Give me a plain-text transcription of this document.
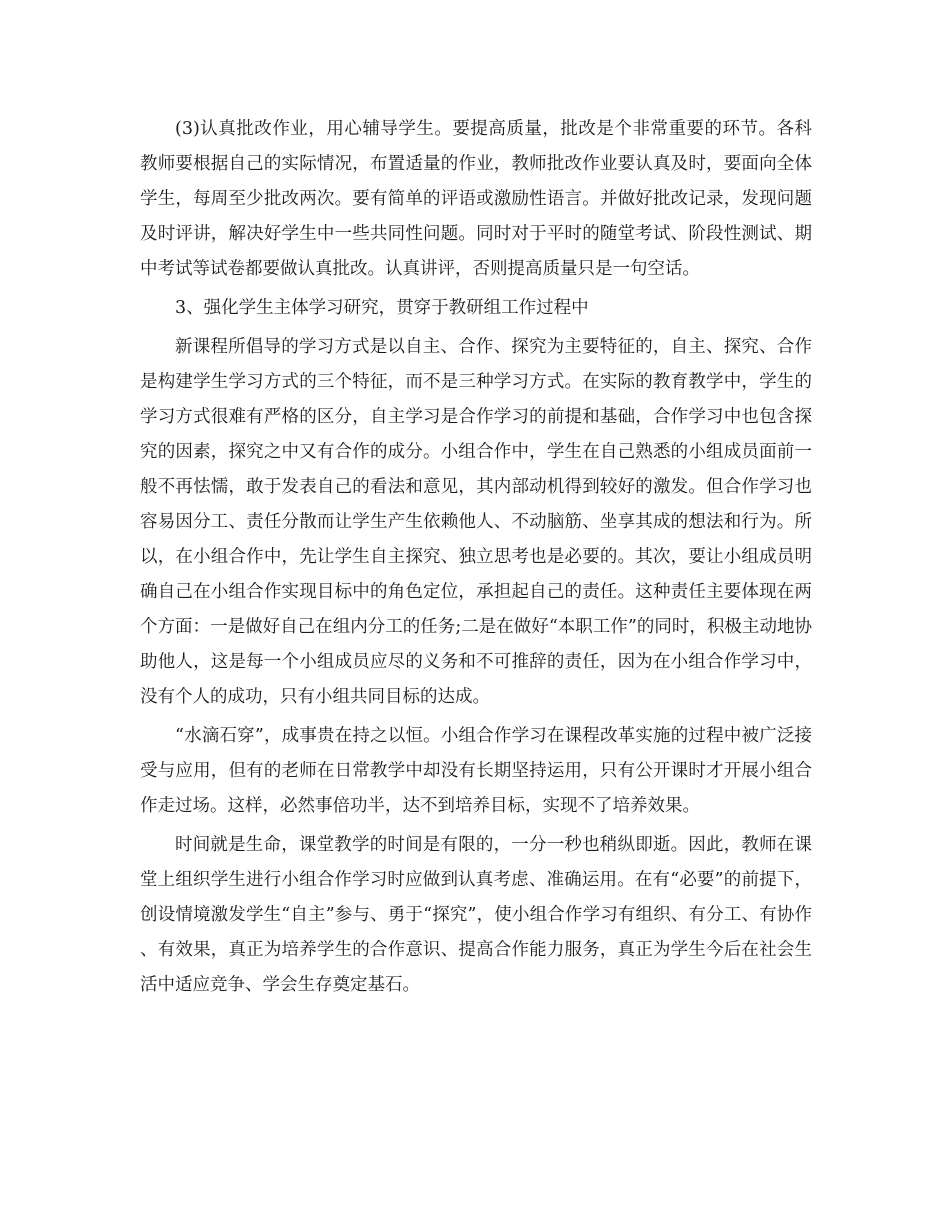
(3)认真批改作业，用心辅导学生。要提高质量，批改是个非常重要的环节。各科教师要根据自己的实际情况，布置适量的作业，教师批改作业要认真及时，要面向全体学生，每周至少批改两次。要有简单的评语或激励性语言。并做好批改记录，发现问题及时评讲，解决好学生中一些共同性问题。同时对于平时的随堂考试、阶段性测试、期中考试等试卷都要做认真批改。认真讲评，否则提高质量只是一句空话。

3、强化学生主体学习研究，贯穿于教研组工作过程中

新课程所倡导的学习方式是以自主、合作、探究为主要特征的，自主、探究、合作是构建学生学习方式的三个特征，而不是三种学习方式。在实际的教育教学中，学生的学习方式很难有严格的区分，自主学习是合作学习的前提和基础，合作学习中也包含探究的因素，探究之中又有合作的成分。小组合作中，学生在自己熟悉的小组成员面前一般不再怯懦，敢于发表自己的看法和意见，其内部动机得到较好的激发。但合作学习也容易因分工、责任分散而让学生产生依赖他人、不动脑筋、坐享其成的想法和行为。所以，在小组合作中，先让学生自主探究、独立思考也是必要的。其次，要让小组成员明确自己在小组合作实现目标中的角色定位，承担起自己的责任。这种责任主要体现在两个方面：一是做好自己在组内分工的任务;二是在做好“本职工作”的同时，积极主动地协助他人，这是每一个小组成员应尽的义务和不可推辞的责任，因为在小组合作学习中，没有个人的成功，只有小组共同目标的达成。

“水滴石穿”，成事贵在持之以恒。小组合作学习在课程改革实施的过程中被广泛接受与应用，但有的老师在日常教学中却没有长期坚持运用，只有公开课时才开展小组合作走过场。这样，必然事倍功半，达不到培养目标，实现不了培养效果。

时间就是生命，课堂教学的时间是有限的，一分一秒也稍纵即逝。因此，教师在课堂上组织学生进行小组合作学习时应做到认真考虑、准确运用。在有“必要”的前提下，创设情境激发学生“自主”参与、勇于“探究”，使小组合作学习有组织、有分工、有协作、有效果，真正为培养学生的合作意识、提高合作能力服务，真正为学生今后在社会生活中适应竞争、学会生存奠定基石。
